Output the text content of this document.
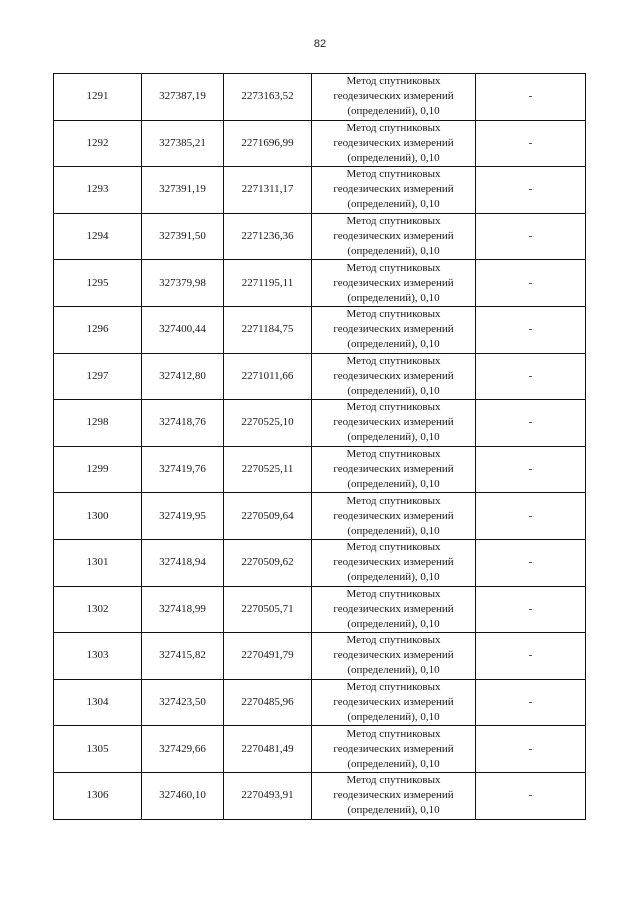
82
1291	327387,19	2273163,52	Метод спутниковых
геодезических измерений
(определений), 0,10	-
1292	327385,21	2271696,99	Метод спутниковых
геодезических измерений
(определений), 0,10	-
1293	327391,19	2271311,17	Метод спутниковых
геодезических измерений
(определений), 0,10	-
1294	327391,50	2271236,36	Метод спутниковых
геодезических измерений
(определений), 0,10	-
1295	327379,98	2271195,11	Метод спутниковых
геодезических измерений
(определений), 0,10	-
1296	327400,44	2271184,75	Метод спутниковых
геодезических измерений
(определений), 0,10	-
1297	327412,80	2271011,66	Метод спутниковых
геодезических измерений
(определений), 0,10	-
1298	327418,76	2270525,10	Метод спутниковых
геодезических измерений
(определений), 0,10	-
1299	327419,76	2270525,11	Метод спутниковых
геодезических измерений
(определений), 0,10	-
1300	327419,95	2270509,64	Метод спутниковых
геодезических измерений
(определений), 0,10	-
1301	327418,94	2270509,62	Метод спутниковых
геодезических измерений
(определений), 0,10	-
1302	327418,99	2270505,71	Метод спутниковых
геодезических измерений
(определений), 0,10	-
1303	327415,82	2270491,79	Метод спутниковых
геодезических измерений
(определений), 0,10	-
1304	327423,50	2270485,96	Метод спутниковых
геодезических измерений
(определений), 0,10	-
1305	327429,66	2270481,49	Метод спутниковых
геодезических измерений
(определений), 0,10	-
1306	327460,10	2270493,91	Метод спутниковых
геодезических измерений
(определений), 0,10	-
